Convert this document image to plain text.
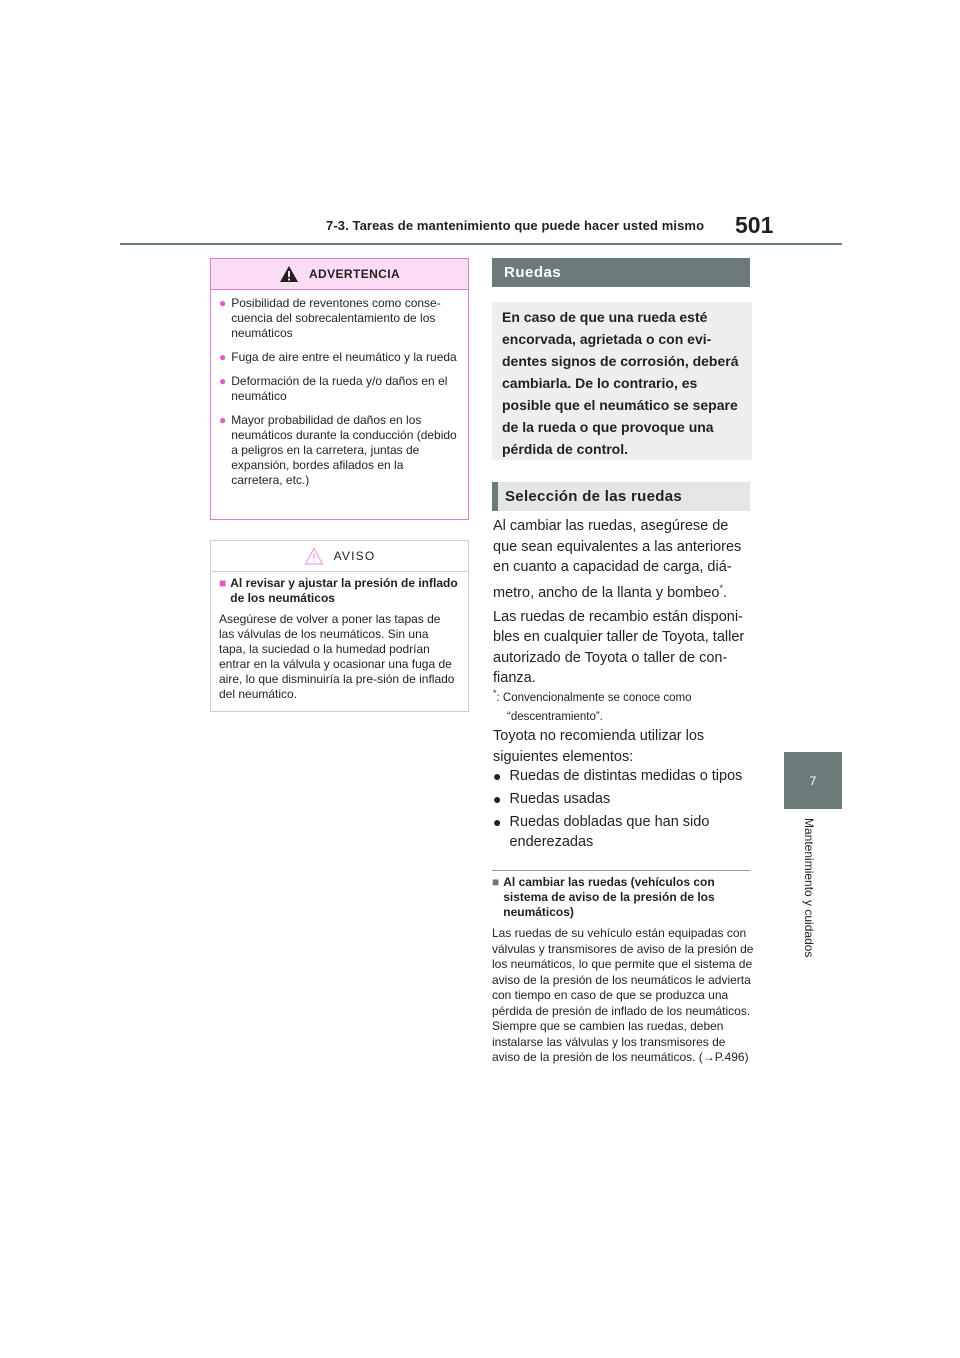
7-3. Tareas de mantenimiento que puede hacer usted mismo 501
7
Mantenimiento y cuidados
ADVERTENCIA
● Posibilidad de reventones como conse-cuencia del sobrecalentamiento de los neumáticos
● Fuga de aire entre el neumático y la rueda
● Deformación de la rueda y/o daños en el neumático
● Mayor probabilidad de daños en los neumáticos durante la conducción (debido a peligros en la carretera, juntas de expansión, bordes afilados en la carretera, etc.)
AVISO
■ Al revisar y ajustar la presión de inflado de los neumáticos
Asegúrese de volver a poner las tapas de las válvulas de los neumáticos. Sin una tapa, la suciedad o la humedad podrían entrar en la válvula y ocasionar una fuga de aire, lo que disminuiría la pre-sión de inflado del neumático.
Ruedas
En caso de que una rueda esté encorvada, agrietada o con evi-dentes signos de corrosión, deberá cambiarla. De lo contrario, es posible que el neumático se separe de la rueda o que provoque una pérdida de control.
Selección de las ruedas
Al cambiar las ruedas, asegúrese de que sean equivalentes a las anteriores en cuanto a capacidad de carga, diá-metro, ancho de la llanta y bombeo*.
Las ruedas de recambio están disponi-bles en cualquier taller de Toyota, taller autorizado de Toyota o taller de con-fianza.
*: Convencionalmente se conoce como
“descentramiento”.
Toyota no recomienda utilizar los siguientes elementos:
● Ruedas de distintas medidas o tipos
● Ruedas usadas
● Ruedas dobladas que han sido enderezadas
■ Al cambiar las ruedas (vehículos con sistema de aviso de la presión de los neumáticos)
Las ruedas de su vehículo están equipadas con válvulas y transmisores de aviso de la presión de los neumáticos, lo que permite que el sistema de aviso de la presión de los neumáticos le advierta con tiempo en caso de que se produzca una pérdida de presión de inflado de los neumáticos. Siempre que se cambien las ruedas, deben instalarse las válvulas y los transmisores de aviso de la presión de los neumáticos. (→P.496)
